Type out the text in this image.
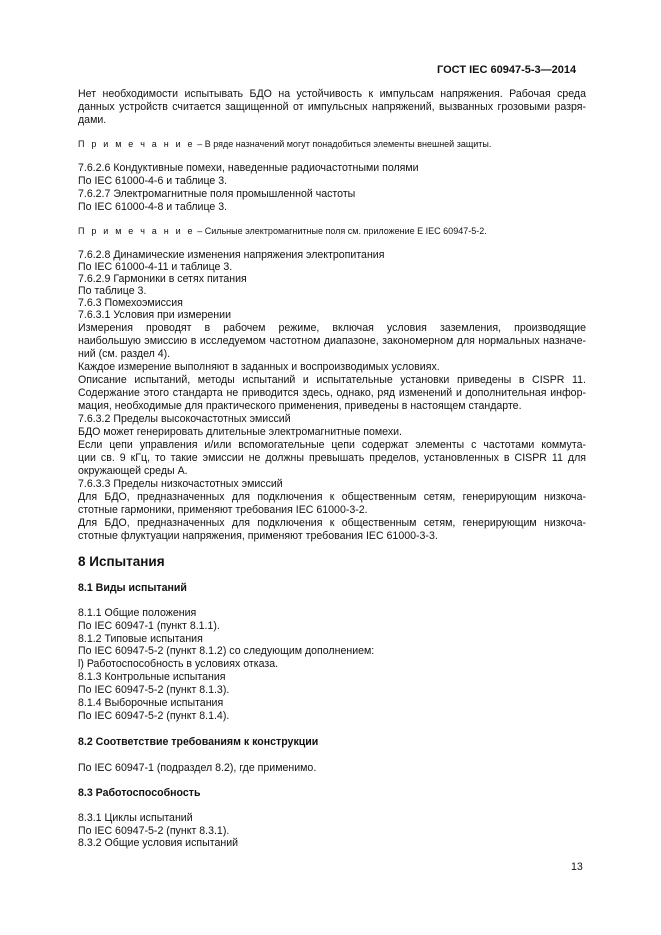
ГОСТ IEC 60947-5-3—2014
Нет необходимости испытывать БДО на устойчивость к импульсам напряжения. Рабочая среда
данных устройств считается защищенной от импульсных напряжений, вызванных грозовыми разря-
дами.
П р и м е ч а н и е – В ряде назначений могут понадобиться элементы внешней защиты.
7.6.2.6 Кондуктивные помехи, наведенные радиочастотными полями
По IEC 61000-4-6 и таблице 3.
7.6.2.7 Электромагнитные поля промышленной частоты
По IEC 61000-4-8 и таблице 3.
П р и м е ч а н и е – Сильные электромагнитные поля см. приложение Е IEC 60947-5-2.
7.6.2.8 Динамические изменения напряжения электропитания
По IEC 61000-4-11 и таблице 3.
7.6.2.9 Гармоники в сетях питания
По таблице 3.
7.6.3 Помехоэмиссия
7.6.3.1 Условия при измерении
Измерения проводят в рабочем режиме, включая условия заземления, производящие
наибольшую эмиссию в исследуемом частотном диапазоне, закономерном для нормальных назначе-
ний (см. раздел 4).
Каждое измерение выполняют в заданных и воспроизводимых условиях.
Описание испытаний, методы испытаний и испытательные установки приведены в CISPR 11.
Содержание этого стандарта не приводится здесь, однако, ряд изменений и дополнительная инфор-
мация, необходимые для практического применения, приведены в настоящем стандарте.
7.6.3.2 Пределы высокочастотных эмиссий
БДО может генерировать длительные электромагнитные помехи.
Если цепи управления и/или вспомогательные цепи содержат элементы с частотами коммута-
ции св. 9 кГц, то такие эмиссии не должны превышать пределов, установленных в CISPR 11 для
окружающей среды А.
7.6.3.3 Пределы низкочастотных эмиссий
Для БДО, предназначенных для подключения к общественным сетям, генерирующим низкоча-
стотные гармоники, применяют требования IEC 61000-3-2.
Для БДО, предназначенных для подключения к общественным сетям, генерирующим низкоча-
стотные флуктуации напряжения, применяют требования IEC 61000-3-3.
8 Испытания
8.1 Виды испытаний
8.1.1 Общие положения
По IEC 60947-1 (пункт 8.1.1).
8.1.2 Типовые испытания
По IEC 60947-5-2 (пункт 8.1.2) со следующим дополнением:
l) Работоспособность в условиях отказа.
8.1.3 Контрольные испытания
По IEC 60947-5-2 (пункт 8.1.3).
8.1.4 Выборочные испытания
По IEC 60947-5-2 (пункт 8.1.4).
8.2 Соответствие требованиям к конструкции
По IEC 60947-1 (подраздел 8.2), где применимо.
8.3 Работоспособность
8.3.1 Циклы испытаний
По IEC 60947-5-2 (пункт 8.3.1).
8.3.2 Общие условия испытаний
13
